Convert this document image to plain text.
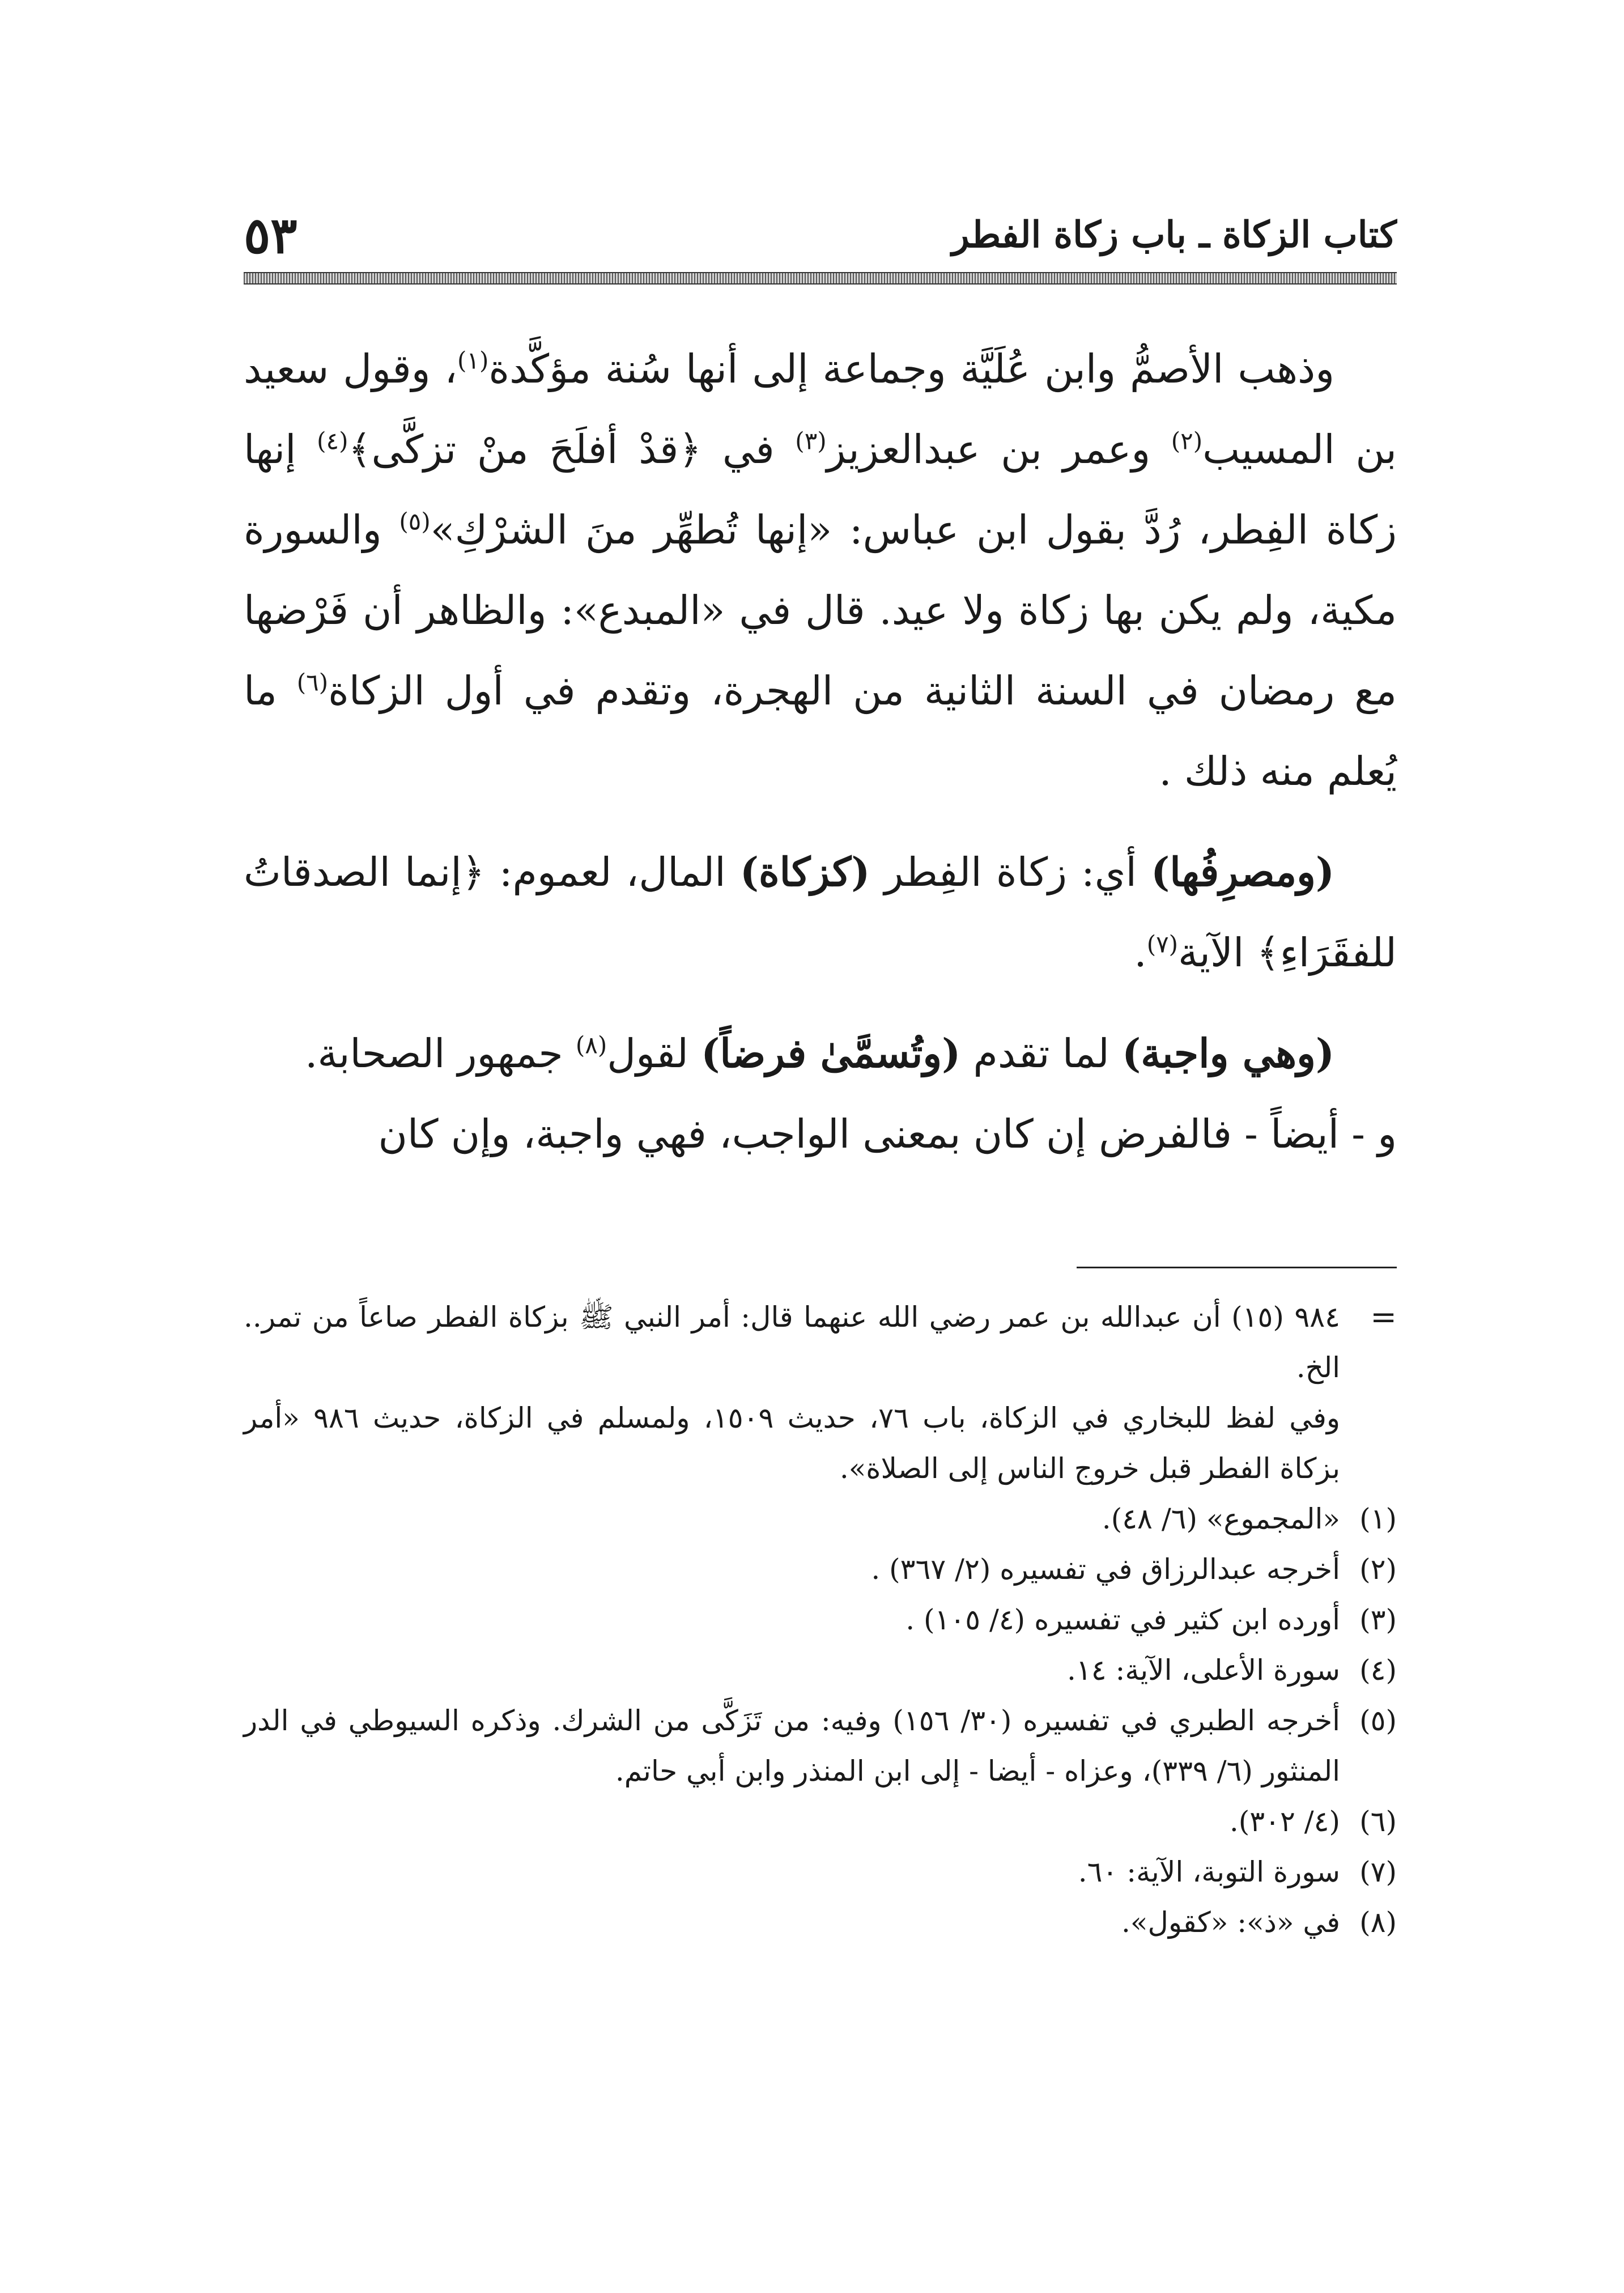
كتاب الزكاة ـ باب زكاة الفطر
٥٣

وذهب الأصمُّ وابن عُلَيَّة وجماعة إلى أنها سُنة مؤكَّدة$^{(١)}$، وقول سعيد بن المسيب$^{(٢)}$ وعمر بن عبدالعزيز$^{(٣)}$ في ﴿قدْ أفلَحَ منْ تزكَّى﴾$^{(٤)}$ إنها زكاة الفِطر، رُدَّ بقول ابن عباس: «إنها تُطهِّر منَ الشرْكِ»$^{(٥)}$ والسورة مكية، ولم يكن بها زكاة ولا عيد. قال في «المبدع»: والظاهر أن فَرْضها مع رمضان في السنة الثانية من الهجرة، وتقدم في أول الزكاة$^{(٦)}$ ما يُعلم منه ذلك .

(ومصرِفُها) أي: زكاة الفِطر (كزكاة) المال، لعموم: ﴿إنما الصدقاتُ للفقَرَاءِ﴾ الآية$^{(٧)}$.

(وهي واجبة) لما تقدم (وتُسمَّىٰ فرضاً) لقول$^{(٨)}$ جمهور الصحابة.

و - أيضاً - فالفرض إن كان بمعنى الواجب، فهي واجبة، وإن كان

=
٩٨٤ (١٥) أن عبدالله بن عمر رضي الله عنهما قال: أمر النبي ﷺ بزكاة الفطر صاعاً من تمر.. الخ.
وفي لفظ للبخاري في الزكاة، باب ٧٦، حديث ١٥٠٩، ولمسلم في الزكاة، حديث ٩٨٦ «أمر بزكاة الفطر قبل خروج الناس إلى الصلاة».
(١)
«المجموع» (٦/ ٤٨).
(٢)
أخرجه عبدالرزاق في تفسيره (٢/ ٣٦٧) .
(٣)
أورده ابن كثير في تفسيره (٤/ ١٠٥) .
(٤)
سورة الأعلى، الآية: ١٤.
(٥)
أخرجه الطبري في تفسيره (٣٠/ ١٥٦) وفيه: من تَزَكَّى من الشرك. وذكره السيوطي في الدر المنثور (٦/ ٣٣٩)، وعزاه - أيضا - إلى ابن المنذر وابن أبي حاتم.
(٦)
(٤/ ٣٠٢).
(٧)
سورة التوبة، الآية: ٦٠.
(٨)
في «ذ»: «كقول».
